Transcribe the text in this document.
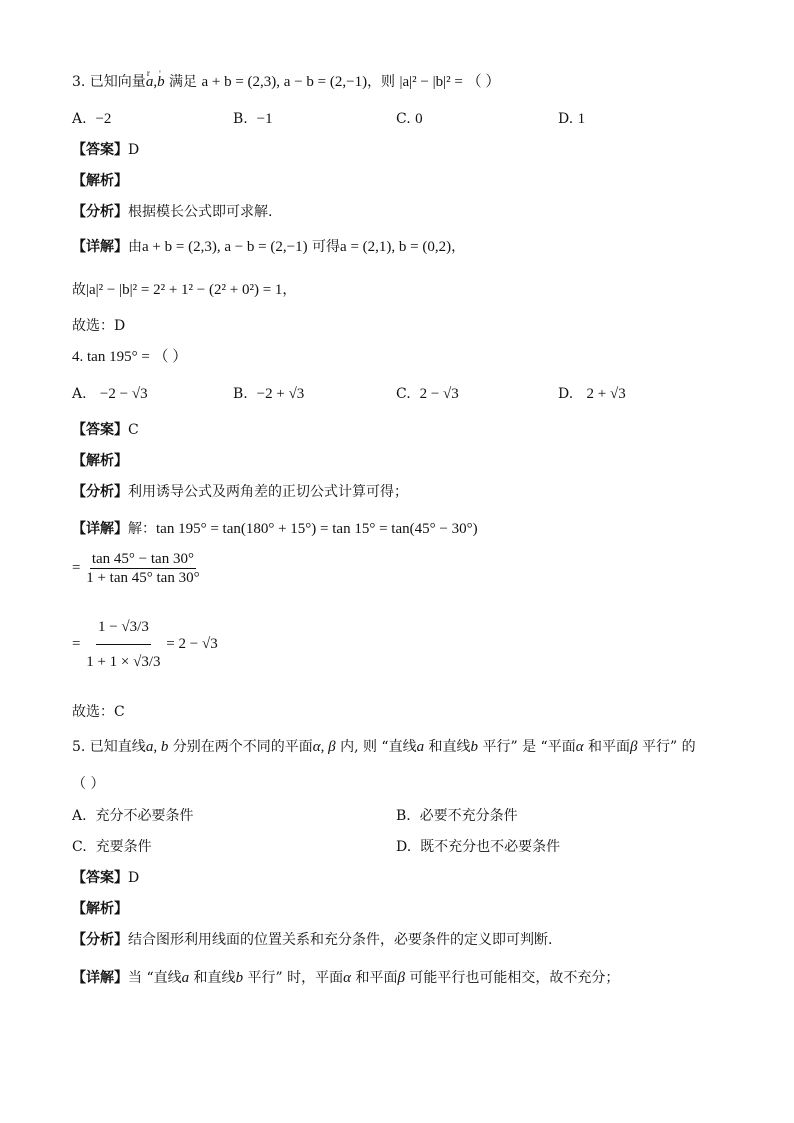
3. 已知向量r a,' b 满足 a + b = (2,3), a − b = (2,−1)，则 |a|² − |b|² = （ ）
A. −2	B. −1	C. 0	D. 1
【答案】D
【解析】
【分析】根据模长公式即可求解.
【详解】由a + b = (2,3), a − b = (2,−1) 可得a = (2,1), b = (0,2)，
故|a|² − |b|² = 2² + 1² − (2² + 0²) = 1，
故选：D
4. tan 195° = （ ）
A. −2 − √3	B. −2 + √3	C. 2 − √3	D. 2 + √3
【答案】C
【解析】
【分析】利用诱导公式及两角差的正切公式计算可得；
【详解】解：tan 195° = tan(180° + 15°) = tan 15° = tan(45° − 30°)
= $\frac{\tan 45^\circ - \tan 30^\circ}{1 + \tan 45^\circ \tan 30^\circ}$
= $\frac{1 - √3/3}{1 + 1 \times √3/3} = 2 - √3$
故选：C
5. 已知直线a, b 分别在两个不同的平面α, β 内, 则 “直线a 和直线b 平行” 是 “平面α 和平面β 平行” 的
（ ）
A. 充分不必要条件	B. 必要不充分条件
C. 充要条件	D. 既不充分也不必要条件
【答案】D
【解析】
【分析】结合图形利用线面的位置关系和充分条件，必要条件的定义即可判断.
【详解】当 “直线a 和直线b 平行” 时，平面α 和平面β 可能平行也可能相交，故不充分；
